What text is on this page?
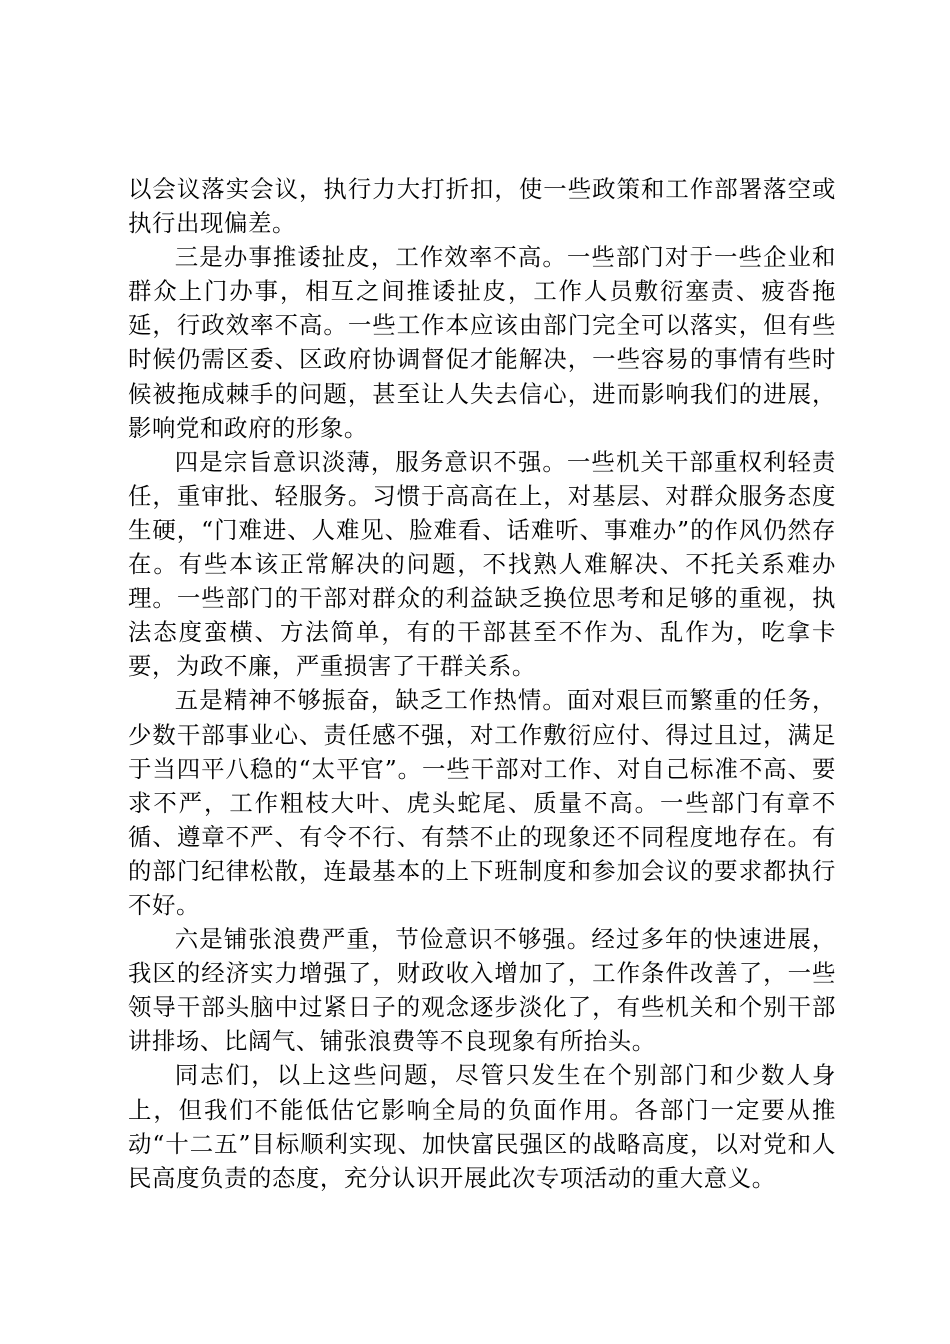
以会议落实会议，执行力大打折扣，使一些政策和工作部署落空或执行出现偏差。

三是办事推诿扯皮，工作效率不高。一些部门对于一些企业和群众上门办事，相互之间推诿扯皮，工作人员敷衍塞责、疲沓拖延，行政效率不高。一些工作本应该由部门完全可以落实，但有些时候仍需区委、区政府协调督促才能解决，一些容易的事情有些时候被拖成棘手的问题，甚至让人失去信心，进而影响我们的进展，影响党和政府的形象。

四是宗旨意识淡薄，服务意识不强。一些机关干部重权利轻责任，重审批、轻服务。习惯于高高在上，对基层、对群众服务态度生硬，“门难进、人难见、脸难看、话难听、事难办”的作风仍然存在。有些本该正常解决的问题，不找熟人难解决、不托关系难办理。一些部门的干部对群众的利益缺乏换位思考和足够的重视，执法态度蛮横、方法简单，有的干部甚至不作为、乱作为，吃拿卡要，为政不廉，严重损害了干群关系。

五是精神不够振奋，缺乏工作热情。面对艰巨而繁重的任务，少数干部事业心、责任感不强，对工作敷衍应付、得过且过，满足于当四平八稳的“太平官”。一些干部对工作、对自己标准不高、要求不严，工作粗枝大叶、虎头蛇尾、质量不高。一些部门有章不循、遵章不严、有令不行、有禁不止的现象还不同程度地存在。有的部门纪律松散，连最基本的上下班制度和参加会议的要求都执行不好。

六是铺张浪费严重，节俭意识不够强。经过多年的快速进展，我区的经济实力增强了，财政收入增加了，工作条件改善了，一些领导干部头脑中过紧日子的观念逐步淡化了，有些机关和个别干部讲排场、比阔气、铺张浪费等不良现象有所抬头。

同志们，以上这些问题，尽管只发生在个别部门和少数人身上，但我们不能低估它影响全局的负面作用。各部门一定要从推动“十二五”目标顺利实现、加快富民强区的战略高度，以对党和人民高度负责的态度，充分认识开展此次专项活动的重大意义。
